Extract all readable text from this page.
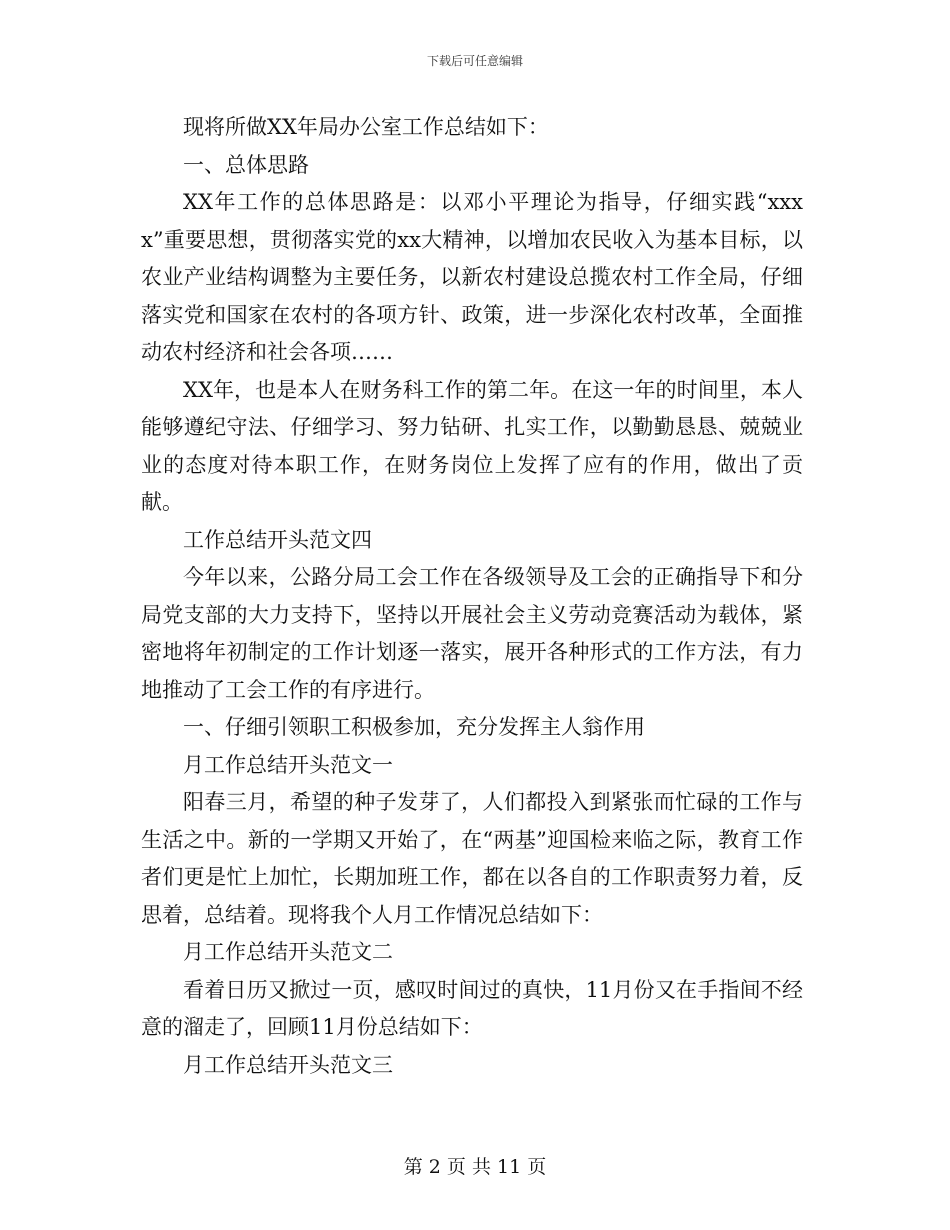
下载后可任意编辑

现将所做XX年局办公室工作总结如下：

一、总体思路

XX年工作的总体思路是：以邓小平理论为指导，仔细实践“xxxx”重要思想，贯彻落实党的xx大精神，以增加农民收入为基本目标，以农业产业结构调整为主要任务，以新农村建设总揽农村工作全局，仔细落实党和国家在农村的各项方针、政策，进一步深化农村改革，全面推动农村经济和社会各项……

XX年，也是本人在财务科工作的第二年。在这一年的时间里，本人能够遵纪守法、仔细学习、努力钻研、扎实工作，以勤勤恳恳、兢兢业业的态度对待本职工作，在财务岗位上发挥了应有的作用，做出了贡献。

工作总结开头范文四

今年以来，公路分局工会工作在各级领导及工会的正确指导下和分局党支部的大力支持下，坚持以开展社会主义劳动竞赛活动为载体，紧密地将年初制定的工作计划逐一落实，展开各种形式的工作方法，有力地推动了工会工作的有序进行。

一、仔细引领职工积极参加，充分发挥主人翁作用

月工作总结开头范文一

阳春三月，希望的种子发芽了，人们都投入到紧张而忙碌的工作与生活之中。新的一学期又开始了，在“两基”迎国检来临之际，教育工作者们更是忙上加忙，长期加班工作，都在以各自的工作职责努力着，反思着，总结着。现将我个人月工作情况总结如下：

月工作总结开头范文二

看着日历又掀过一页，感叹时间过的真快，11月份又在手指间不经意的溜走了，回顾11月份总结如下：

月工作总结开头范文三

第 2 页 共 11 页
